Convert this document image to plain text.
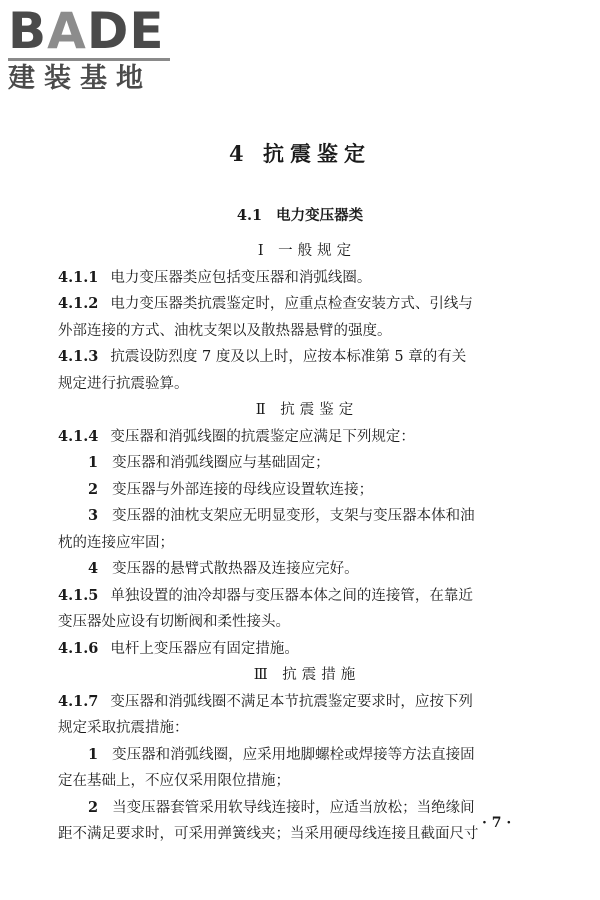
BADE
建装基地
4 抗震鉴定
4.1 电力变压器类
Ⅰ 一般规定
4.1.1 电力变压器类应包括变压器和消弧线圈。
4.1.2 电力变压器类抗震鉴定时，应重点检查安装方式、引线与
外部连接的方式、油枕支架以及散热器悬臂的强度。
4.1.3 抗震设防烈度 7 度及以上时，应按本标准第 5 章的有关
规定进行抗震验算。
Ⅱ 抗震鉴定
4.1.4 变压器和消弧线圈的抗震鉴定应满足下列规定：
1 变压器和消弧线圈应与基础固定；
2 变压器与外部连接的母线应设置软连接；
3 变压器的油枕支架应无明显变形，支架与变压器本体和油
枕的连接应牢固；
4 变压器的悬臂式散热器及连接应完好。
4.1.5 单独设置的油冷却器与变压器本体之间的连接管，在靠近
变压器处应设有切断阀和柔性接头。
4.1.6 电杆上变压器应有固定措施。
Ⅲ 抗震措施
4.1.7 变压器和消弧线圈不满足本节抗震鉴定要求时，应按下列
规定采取抗震措施：
1 变压器和消弧线圈，应采用地脚螺栓或焊接等方法直接固
定在基础上，不应仅采用限位措施；
2 当变压器套管采用软导线连接时，应适当放松；当绝缘间
距不满足要求时，可采用弹簧线夹；当采用硬母线连接且截面尺寸
· 7 ·
